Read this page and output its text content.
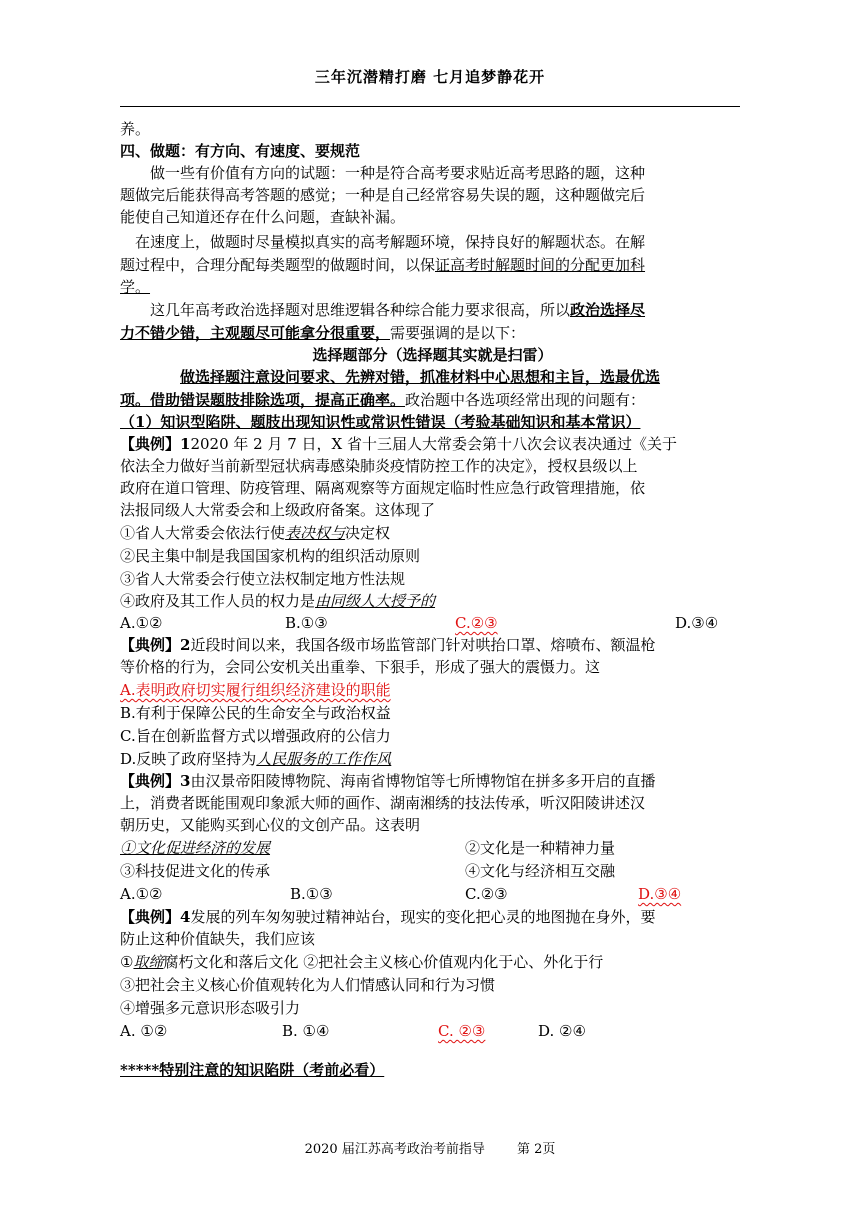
三年沉潜精打磨 七月追梦静花开
养。
四、做题：有方向、有速度、要规范
做一些有价值有方向的试题：一种是符合高考要求贴近高考思路的题，这种
题做完后能获得高考答题的感觉；一种是自己经常容易失误的题，这种题做完后
能使自己知道还存在什么问题，查缺补漏。
在速度上，做题时尽量模拟真实的高考解题环境，保持良好的解题状态。在解
题过程中，合理分配每类题型的做题时间，以保证高考时解题时间的分配更加科
学。
这几年高考政治选择题对思维逻辑各种综合能力要求很高，所以政治选择尽
力不错少错，主观题尽可能拿分很重要，需要强调的是以下：
选择题部分（选择题其实就是扫雷）
做选择题注意设问要求、先辨对错，抓准材料中心思想和主旨，选最优选
项。借助错误题肢排除选项，提高正确率。政治题中各选项经常出现的问题有：
（1）知识型陷阱、题肢出现知识性或常识性错误（考验基础知识和基本常识）
【典例】12020 年 2 月 7 日，X 省十三届人大常委会第十八次会议表决通过《关于
依法全力做好当前新型冠状病毒感染肺炎疫情防控工作的决定》，授权县级以上
政府在道口管理、防疫管理、隔离观察等方面规定临时性应急行政管理措施，依
法报同级人大常委会和上级政府备案。这体现了
①省人大常委会依法行使表决权与决定权
②民主集中制是我国国家机构的组织活动原则
③省人大常委会行使立法权制定地方性法规
④政府及其工作人员的权力是由同级人大授予的
A.①②	B.①③	C.②③	D.③④
【典例】2近段时间以来，我国各级市场监管部门针对哄抬口罩、熔喷布、额温枪
等价格的行为，会同公安机关出重拳、下狠手，形成了强大的震慑力。这
A.表明政府切实履行组织经济建设的职能
B.有利于保障公民的生命安全与政治权益
C.旨在创新监督方式以增强政府的公信力
D.反映了政府坚持为人民服务的工作作风
【典例】3由汉景帝阳陵博物院、海南省博物馆等七所博物馆在拼多多开启的直播
上，消费者既能围观印象派大师的画作、湖南湘绣的技法传承，听汉阳陵讲述汉
朝历史，又能购买到心仪的文创产品。这表明
①文化促进经济的发展	②文化是一种精神力量
③科技促进文化的传承	④文化与经济相互交融
A.①②	B.①③	C.②③	D.③④
【典例】4发展的列车匆匆驶过精神站台，现实的变化把心灵的地图抛在身外，要
防止这种价值缺失，我们应该
①取缔腐朽文化和落后文化 ②把社会主义核心价值观内化于心、外化于行
③把社会主义核心价值观转化为人们情感认同和行为习惯
④增强多元意识形态吸引力
A. ①②	B. ①④	C. ②③	D. ②④
*****特别注意的知识陷阱（考前必看）
2020 届江苏高考政治考前指导 第 2页
